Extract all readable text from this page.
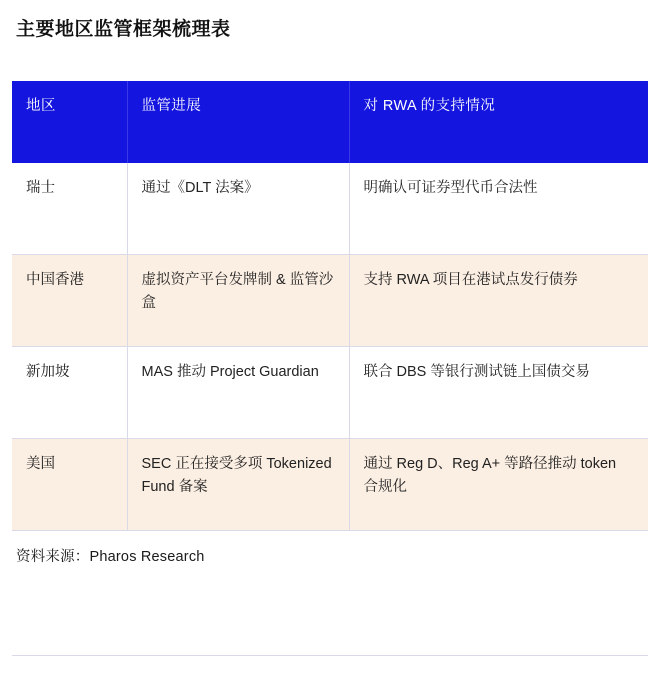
主要地区监管框架梳理表
地区	监管进展	对 RWA 的支持情况
瑞士	通过《DLT 法案》	明确认可证券型代币合法性
中国香港	虚拟资产平台发牌制 & 监管沙盒	支持 RWA 项目在港试点发行债券
新加坡	MAS 推动 Project Guardian	联合 DBS 等银行测试链上国债交易
美国	SEC 正在接受多项 Tokenized Fund 备案	通过 Reg D、Reg A+ 等路径推动 token 合规化
资料来源：Pharos Research
